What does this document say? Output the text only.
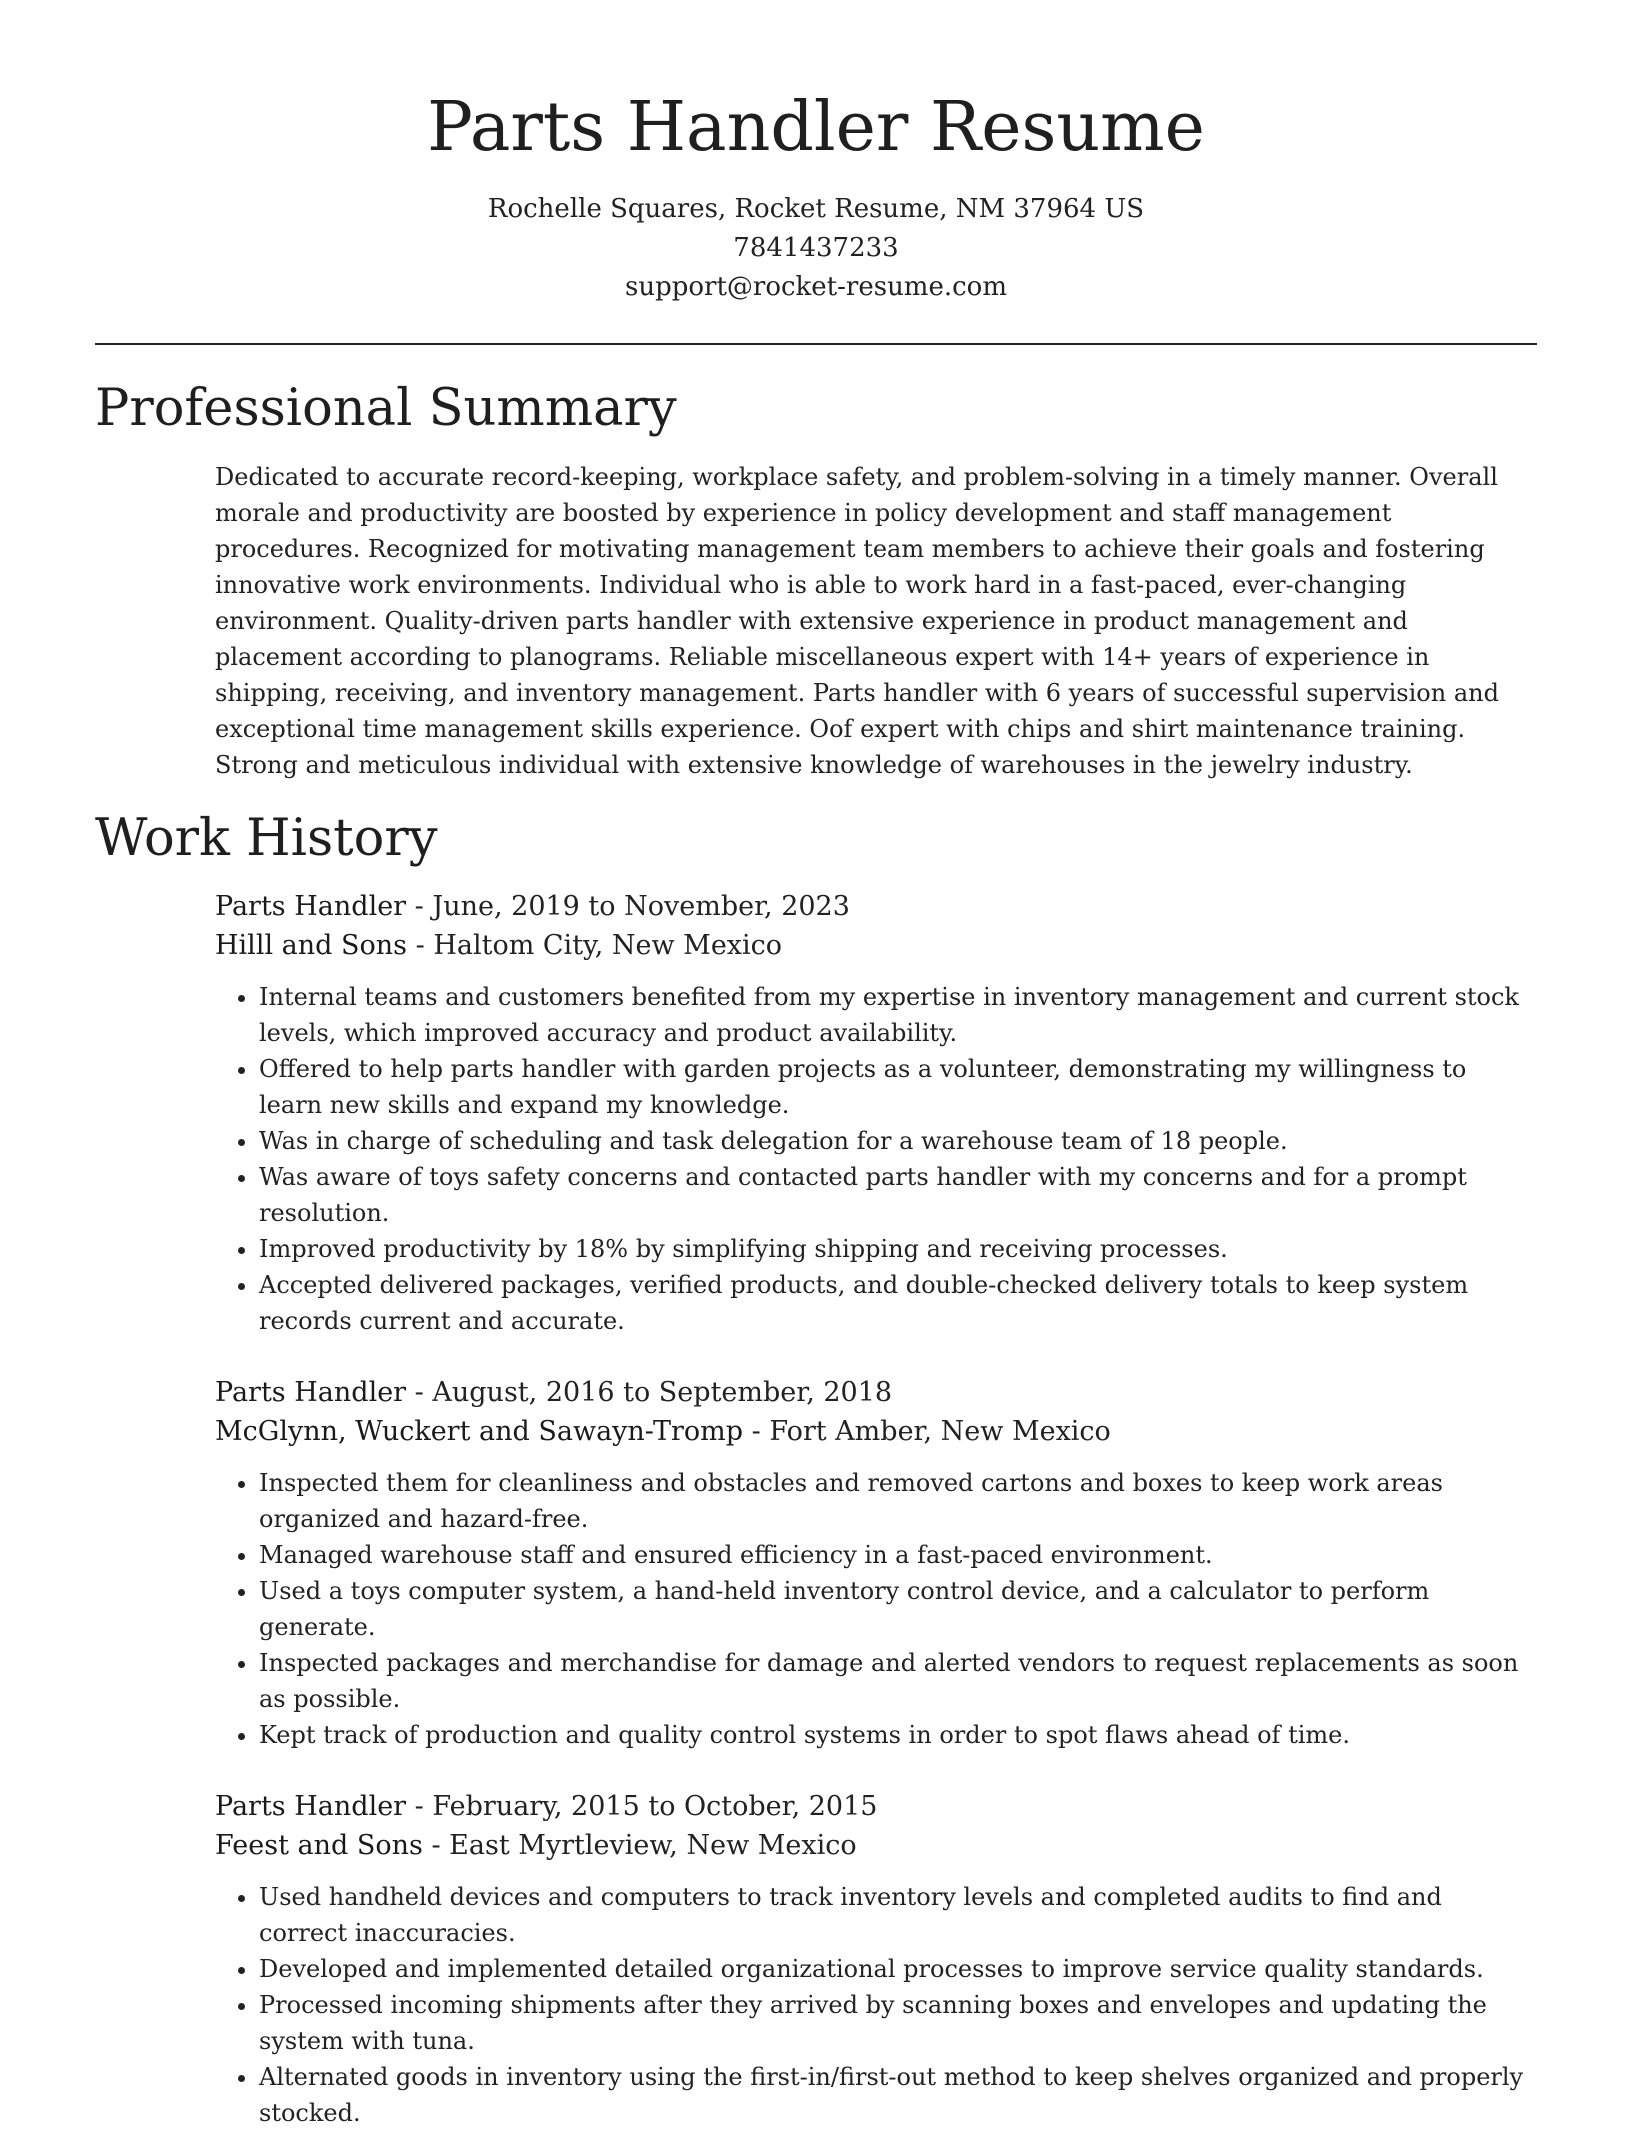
Parts Handler Resume
Rochelle Squares, Rocket Resume, NM 37964 US
7841437233
support@rocket-resume.com
Professional Summary
Dedicated to accurate record-keeping, workplace safety, and problem-solving in a timely manner. Overall morale and productivity are boosted by experience in policy development and staff management procedures. Recognized for motivating management team members to achieve their goals and fostering innovative work environments. Individual who is able to work hard in a fast-paced, ever-changing environment. Quality-driven parts handler with extensive experience in product management and placement according to planograms. Reliable miscellaneous expert with 14+ years of experience in shipping, receiving, and inventory management. Parts handler with 6 years of successful supervision and exceptional time management skills experience. Oof expert with chips and shirt maintenance training. Strong and meticulous individual with extensive knowledge of warehouses in the jewelry industry.
Work History
Parts Handler - June, 2019 to November, 2023
Hilll and Sons - Haltom City, New Mexico
• Internal teams and customers benefited from my expertise in inventory management and current stock levels, which improved accuracy and product availability.
• Offered to help parts handler with garden projects as a volunteer, demonstrating my willingness to learn new skills and expand my knowledge.
• Was in charge of scheduling and task delegation for a warehouse team of 18 people.
• Was aware of toys safety concerns and contacted parts handler with my concerns and for a prompt resolution.
• Improved productivity by 18% by simplifying shipping and receiving processes.
• Accepted delivered packages, verified products, and double-checked delivery totals to keep system records current and accurate.
Parts Handler - August, 2016 to September, 2018
McGlynn, Wuckert and Sawayn-Tromp - Fort Amber, New Mexico
• Inspected them for cleanliness and obstacles and removed cartons and boxes to keep work areas organized and hazard-free.
• Managed warehouse staff and ensured efficiency in a fast-paced environment.
• Used a toys computer system, a hand-held inventory control device, and a calculator to perform generate.
• Inspected packages and merchandise for damage and alerted vendors to request replacements as soon as possible.
• Kept track of production and quality control systems in order to spot flaws ahead of time.
Parts Handler - February, 2015 to October, 2015
Feest and Sons - East Myrtleview, New Mexico
• Used handheld devices and computers to track inventory levels and completed audits to find and correct inaccuracies.
• Developed and implemented detailed organizational processes to improve service quality standards.
• Processed incoming shipments after they arrived by scanning boxes and envelopes and updating the system with tuna.
• Alternated goods in inventory using the first-in/first-out method to keep shelves organized and properly stocked.
